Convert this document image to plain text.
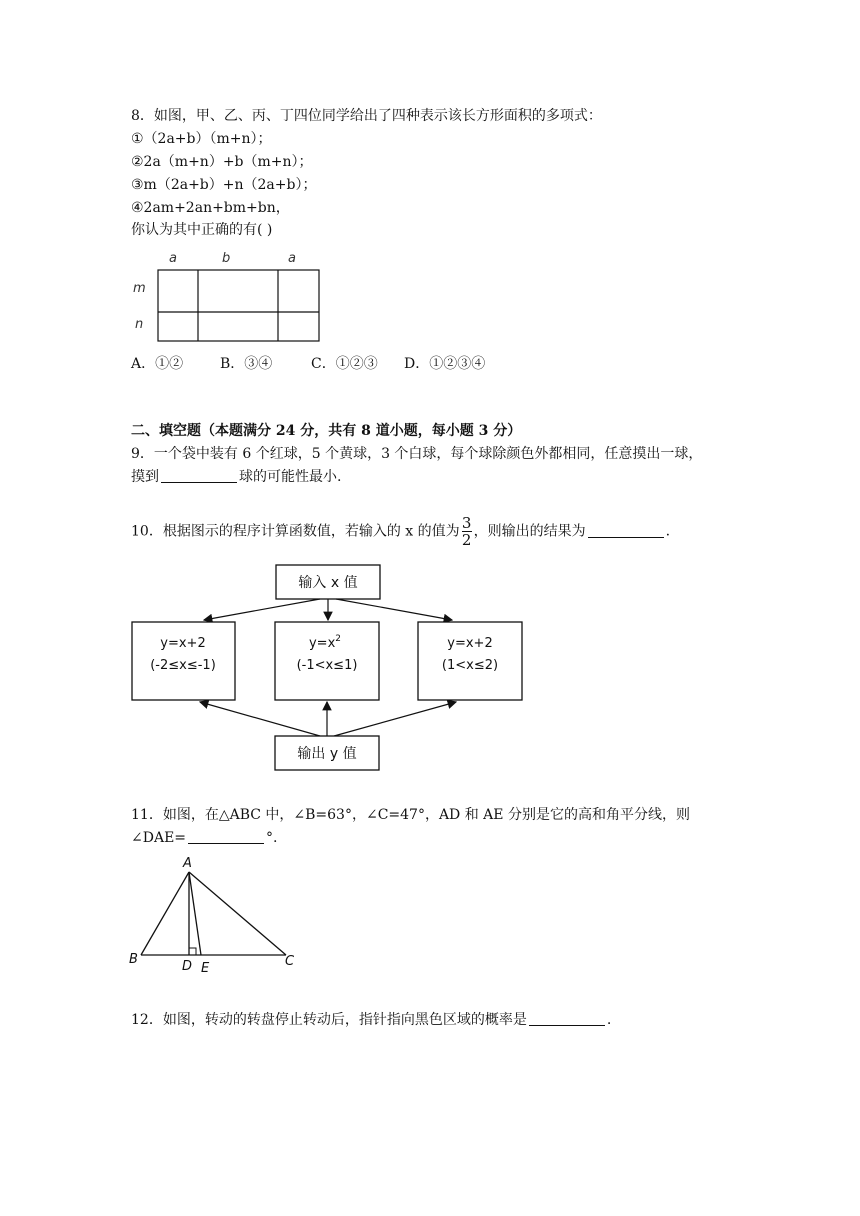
8．如图，甲、乙、丙、丁四位同学给出了四种表示该长方形面积的多项式：
①（2a+b）（m+n）；
②2a（m+n）+b（m+n）；
③m（2a+b）+n（2a+b）；
④2am+2an+bm+bn，
你认为其中正确的有( )
a	b	a
m
n
A．①②	B．③④	C．①②③ D．①②③④
二、填空题（本题满分 24 分，共有 8 道小题，每小题 3 分）
9．一个袋中装有 6 个红球，5 个黄球，3 个白球，每个球除颜色外都相同，任意摸出一球，
摸到	球的可能性最小.
10．根据图示的程序计算函数值，若输入的 x 的值为 $\frac{3}{2}$ ，则输出的结果为	.
输入 x 值
y=x+2
(-2≤x≤-1)
$y=x^2$
(-1<x≤1)
y=x+2
(1<x≤2)
输出 y 值
11．如图，在△ABC 中，∠B=63°，∠C=47°，AD 和 AE 分别是它的高和角平分线，则
∠DAE=	°.
A
B	D E	C
12．如图，转动的转盘停止转动后，指针指向黑色区域的概率是	.
